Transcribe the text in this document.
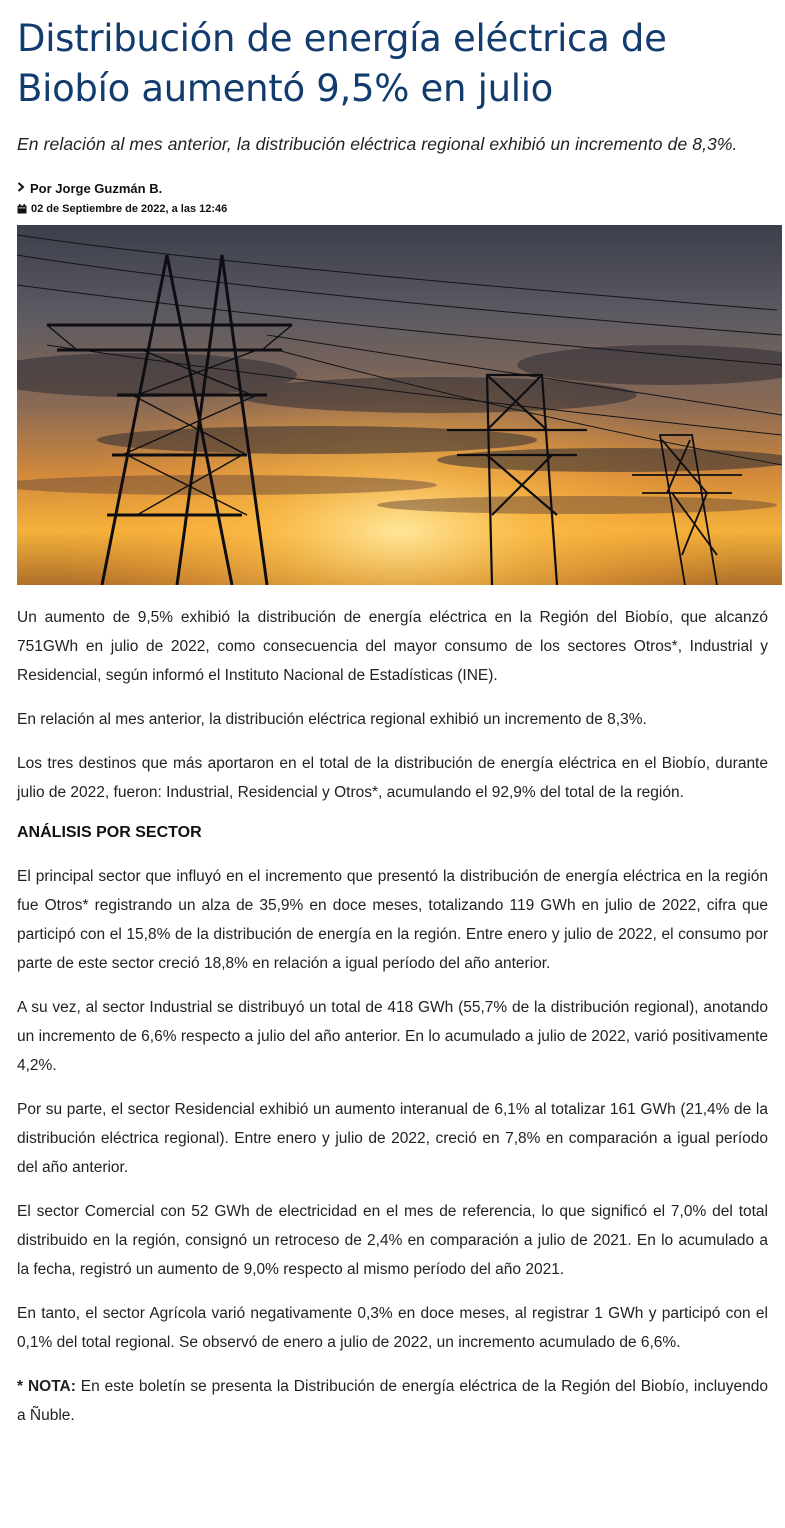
Distribución de energía eléctrica de Biobío aumentó 9,5% en julio

En relación al mes anterior, la distribución eléctrica regional exhibió un incremento de 8,3%.

Por Jorge Guzmán B.
02 de Septiembre de 2022, a las 12:46

Un aumento de 9,5% exhibió la distribución de energía eléctrica en la Región del Biobío, que alcanzó 751GWh en julio de 2022, como consecuencia del mayor consumo de los sectores Otros*, Industrial y Residencial, según informó el Instituto Nacional de Estadísticas (INE).

En relación al mes anterior, la distribución eléctrica regional exhibió un incremento de 8,3%.

Los tres destinos que más aportaron en el total de la distribución de energía eléctrica en el Biobío, durante julio de 2022, fueron: Industrial, Residencial y Otros*, acumulando el 92,9% del total de la región.

ANÁLISIS POR SECTOR

El principal sector que influyó en el incremento que presentó la distribución de energía eléctrica en la región fue Otros* registrando un alza de 35,9% en doce meses, totalizando 119 GWh en julio de 2022, cifra que participó con el 15,8% de la distribución de energía en la región. Entre enero y julio de 2022, el consumo por parte de este sector creció 18,8% en relación a igual período del año anterior.

A su vez, al sector Industrial se distribuyó un total de 418 GWh (55,7% de la distribución regional), anotando un incremento de 6,6% respecto a julio del año anterior. En lo acumulado a julio de 2022, varió positivamente 4,2%.

Por su parte, el sector Residencial exhibió un aumento interanual de 6,1% al totalizar 161 GWh (21,4% de la distribución eléctrica regional). Entre enero y julio de 2022, creció en 7,8% en comparación a igual período del año anterior.

El sector Comercial con 52 GWh de electricidad en el mes de referencia, lo que significó el 7,0% del total distribuido en la región, consignó un retroceso de 2,4% en comparación a julio de 2021. En lo acumulado a la fecha, registró un aumento de 9,0% respecto al mismo período del año 2021.

En tanto, el sector Agrícola varió negativamente 0,3% en doce meses, al registrar 1 GWh y participó con el 0,1% del total regional. Se observó de enero a julio de 2022, un incremento acumulado de 6,6%.

* NOTA: En este boletín se presenta la Distribución de energía eléctrica de la Región del Biobío, incluyendo a Ñuble.
